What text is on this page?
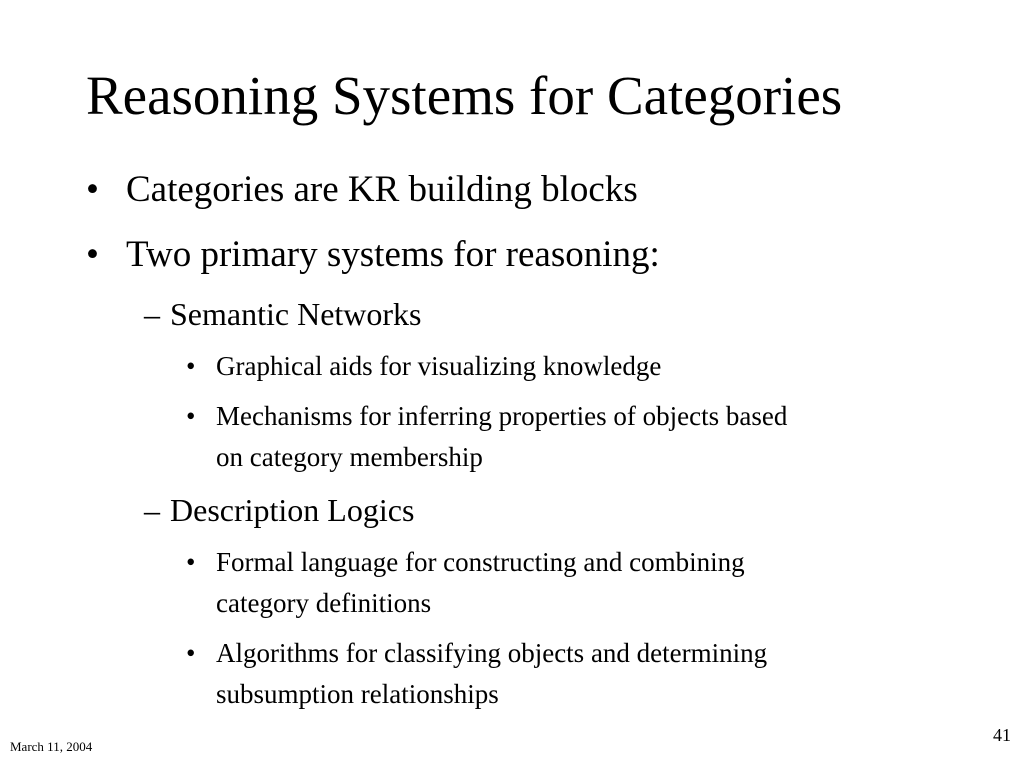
Reasoning Systems for Categories
• Categories are KR building blocks
• Two primary systems for reasoning:
– Semantic Networks
• Graphical aids for visualizing knowledge
• Mechanisms for inferring properties of objects based
on category membership
– Description Logics
• Formal language for constructing and combining
category definitions
• Algorithms for classifying objects and determining
subsumption relationships
March 11, 2004
41
